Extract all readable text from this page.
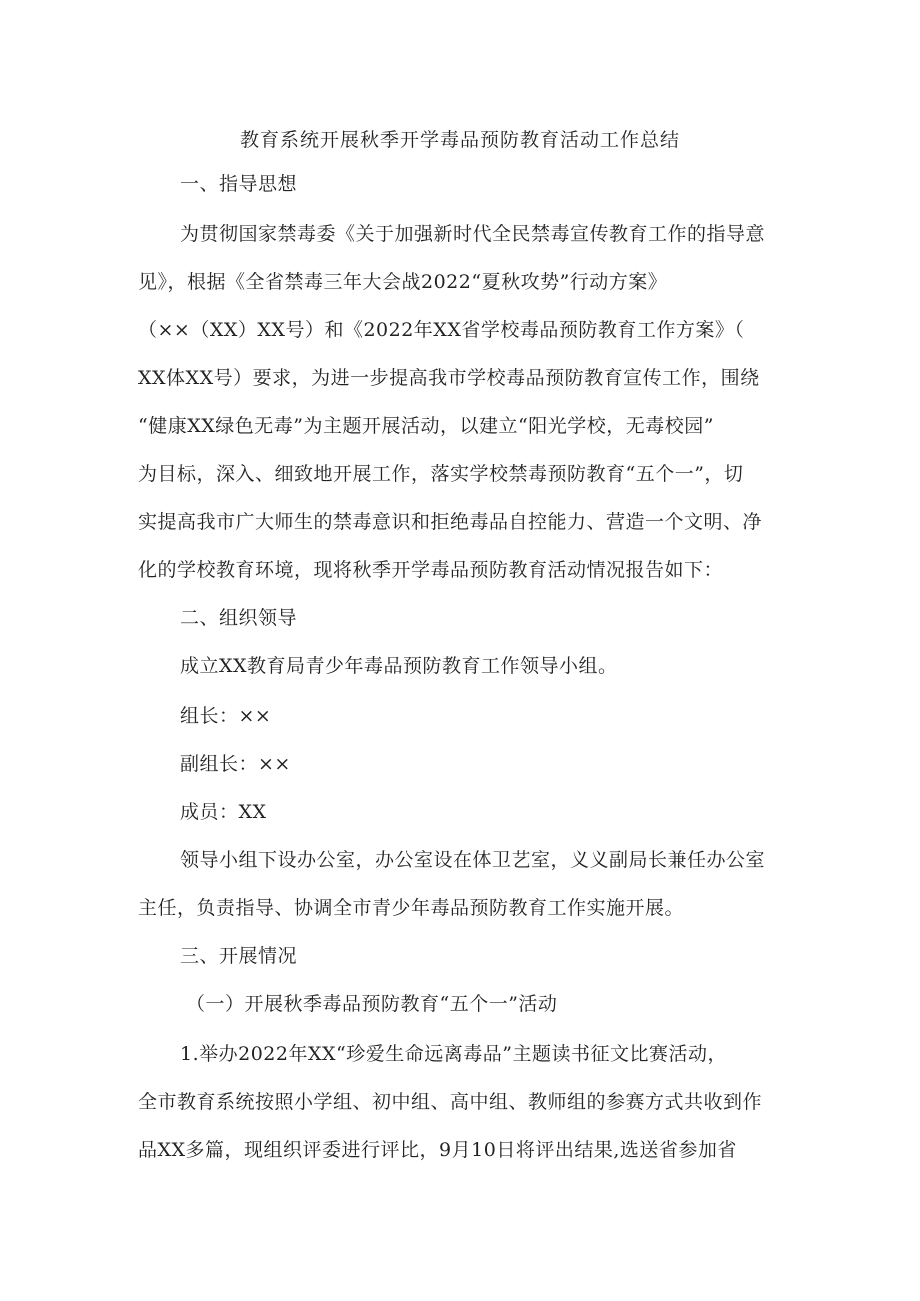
教育系统开展秋季开学毒品预防教育活动工作总结
一、指导思想
为贯彻国家禁毒委《关于加强新时代全民禁毒宣传教育工作的指导意
见》，根据《全省禁毒三年大会战2022“夏秋攻势”行动方案》
（××（XX）XX号）和《2022年XX省学校毒品预防教育工作方案》（
XX体XX号）要求，为进一步提高我市学校毒品预防教育宣传工作，围绕
“健康XX绿色无毒”为主题开展活动，以建立“阳光学校，无毒校园”
为目标，深入、细致地开展工作，落实学校禁毒预防教育“五个一”，切
实提高我市广大师生的禁毒意识和拒绝毒品自控能力、营造一个文明、净
化的学校教育环境，现将秋季开学毒品预防教育活动情况报告如下：
二、组织领导
成立XX教育局青少年毒品预防教育工作领导小组。
组长：××
副组长：××
成员：XX
领导小组下设办公室，办公室设在体卫艺室，义义副局长兼任办公室
主任，负责指导、协调全市青少年毒品预防教育工作实施开展。
三、开展情况
（一）开展秋季毒品预防教育“五个一”活动
1.举办2022年XX“珍爱生命远离毒品”主题读书征文比赛活动，
全市教育系统按照小学组、初中组、高中组、教师组的参赛方式共收到作
品XX多篇，现组织评委进行评比，9月10日将评出结果,选送省参加省
